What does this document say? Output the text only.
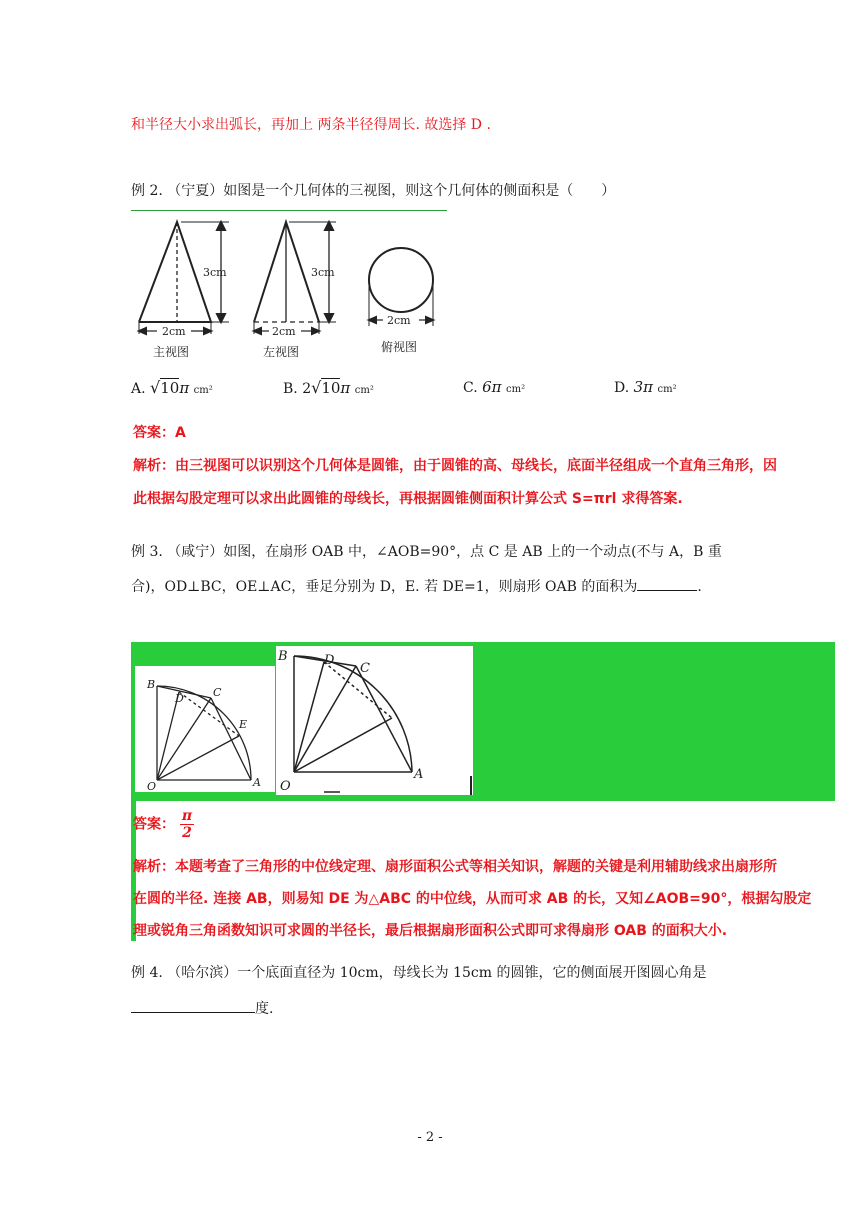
和半径大小求出弧长，再加上 两条半径得周长. 故选择 D .
例 2. （宁夏）如图是一个几何体的三视图，则这个几何体的侧面积是（　　）
3cm
2cm
3cm
2cm
2cm
主视图	左视图	俯视图
A. √10π cm²	B. 2√10π cm²	C. 6π cm²	D. 3π cm²
答案：A
解析：由三视图可以识别这个几何体是圆锥，由于圆锥的高、母线长，底面半径组成一个直角三角形，因
此根据勾股定理可以求出此圆锥的母线长，再根据圆锥侧面积计算公式 S=πrl 求得答案.
例 3. （咸宁）如图，在扇形 OAB 中，∠AOB=90°，点 C 是 AB 上的一个动点(不与 A，B 重
合)，OD⊥BC，OE⊥AC，垂足分别为 D，E. 若 DE=1，则扇形 OAB 的面积为	.
B
D	C
E
O	A
B	D
C
O
A
答案： $\frac{\pi}{2}$
解析：本题考查了三角形的中位线定理、扇形面积公式等相关知识，解题的关键是利用辅助线求出扇形所
在圆的半径. 连接 AB，则易知 DE 为△ABC 的中位线，从而可求 AB 的长，又知∠AOB=90°，根据勾股定
理或锐角三角函数知识可求圆的半径长，最后根据扇形面积公式即可求得扇形 OAB 的面积大小.
例 4. （哈尔滨）一个底面直径为 10cm，母线长为 15cm 的圆锥，它的侧面展开图圆心角是
度.
- 2 -
